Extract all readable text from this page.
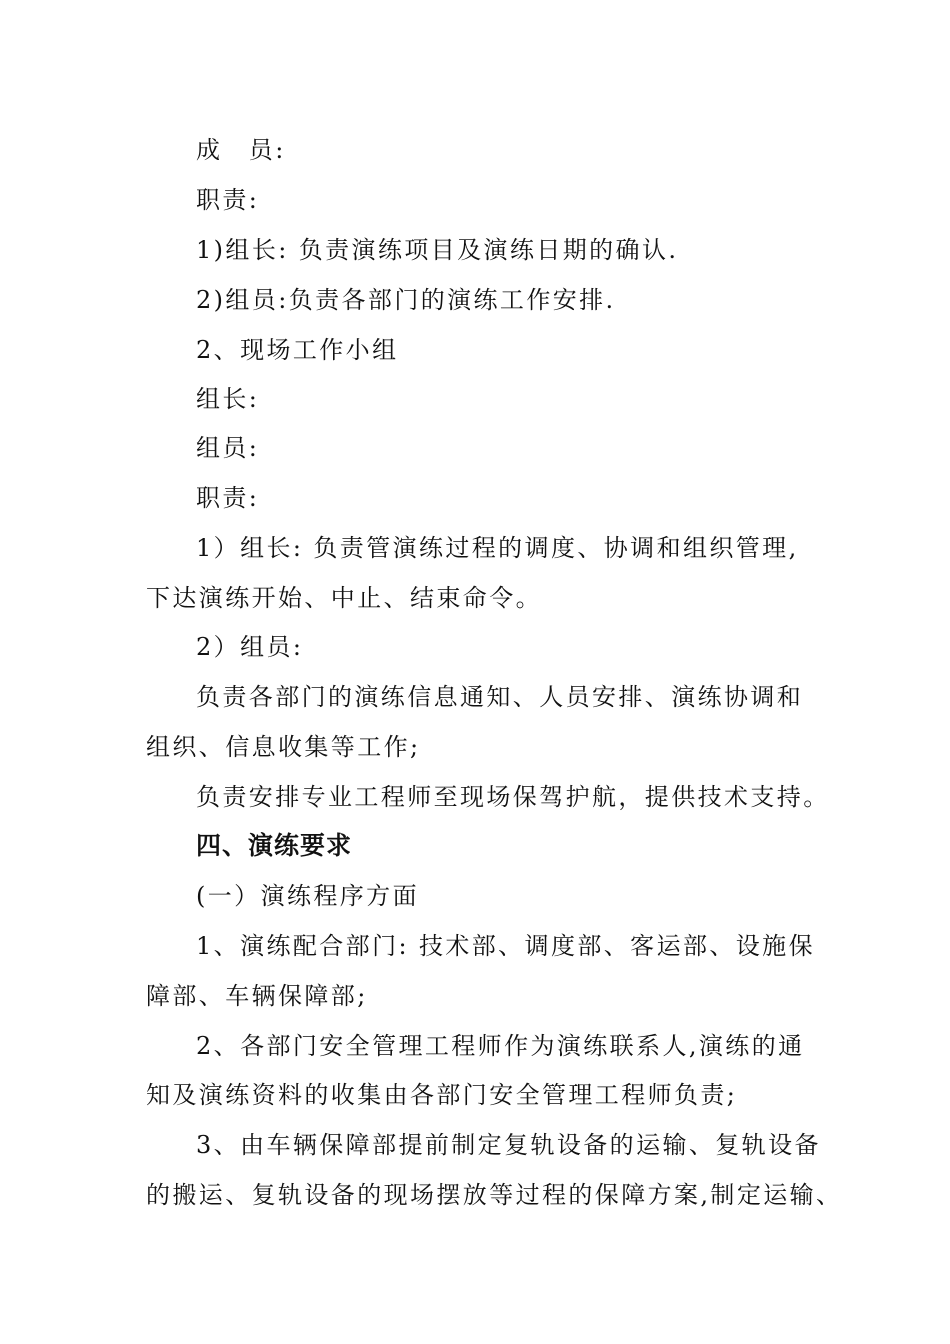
成　员:
职责:
1)组长: 负责演练项目及演练日期的确认.
2)组员:负责各部门的演练工作安排.
2、现场工作小组
组长:
组员:
职责:
1）组长: 负责管演练过程的调度、协调和组织管理,
下达演练开始、中止、结束命令。
2）组员:
负责各部门的演练信息通知、人员安排、演练协调和
组织、信息收集等工作;
负责安排专业工程师至现场保驾护航，提供技术支持。
四、演练要求
(一）演练程序方面
1、演练配合部门: 技术部、调度部、客运部、设施保
障部、车辆保障部;
2、各部门安全管理工程师作为演练联系人,演练的通
知及演练资料的收集由各部门安全管理工程师负责;
3、由车辆保障部提前制定复轨设备的运输、复轨设备
的搬运、复轨设备的现场摆放等过程的保障方案,制定运输、
